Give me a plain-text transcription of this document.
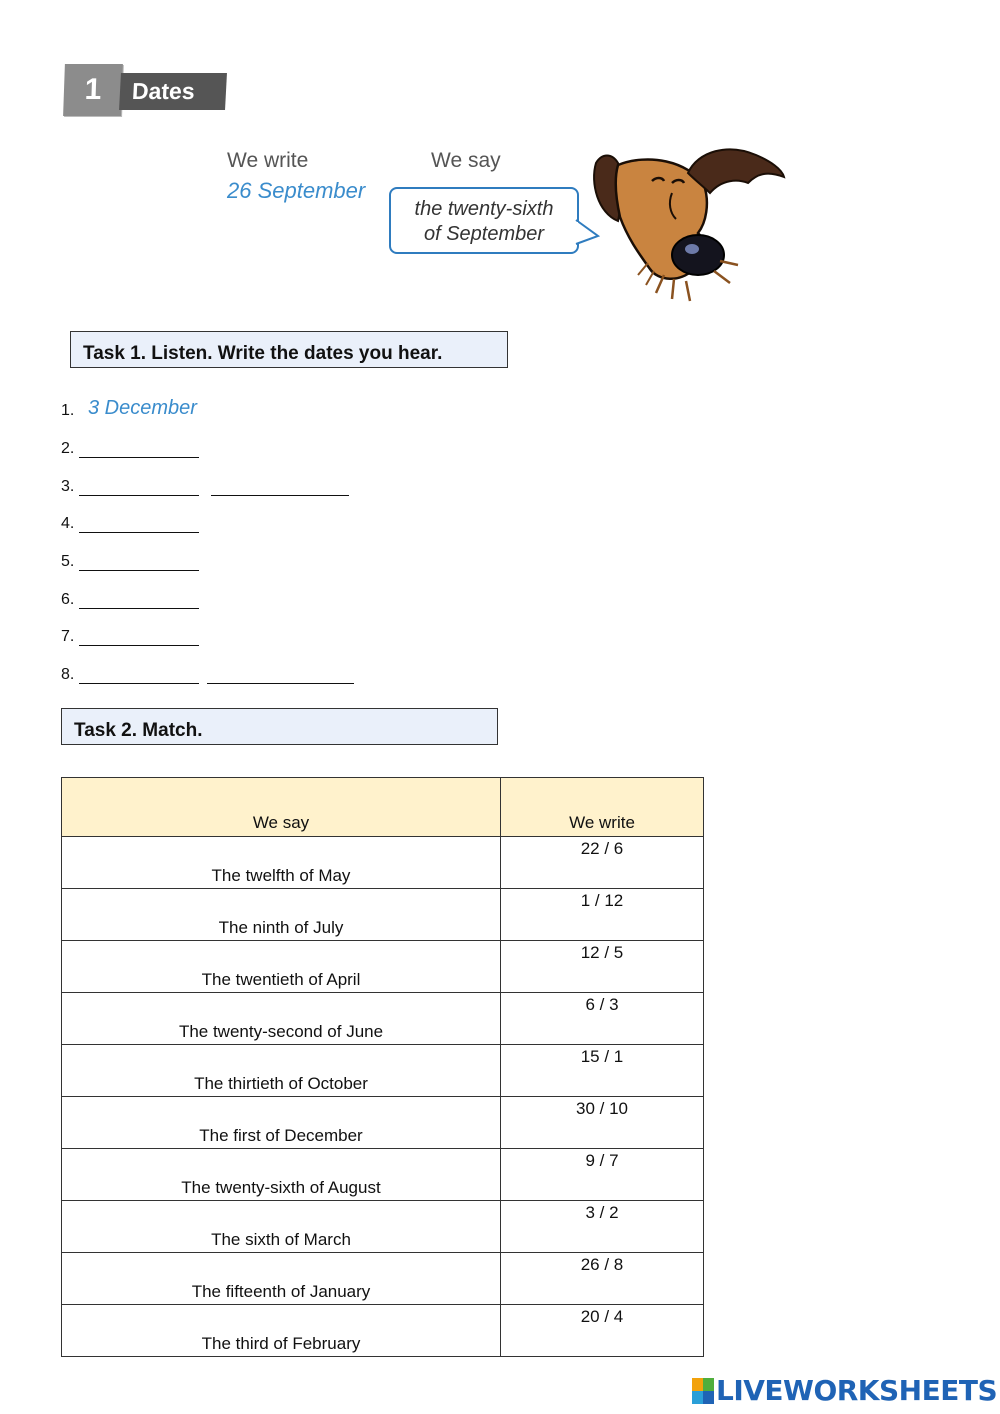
1	Dates
We write	We say
26 September
the twenty-sixth
of September
Task 1. Listen. Write the dates you hear.
1. 3 December
2.
3.
4.
5.
6.
7.
8.
Task 2. Match.
We say	We write
The twelfth of May	22 / 6
The ninth of July	1 / 12
The twentieth of April	12 / 5
The twenty-second of June	6 / 3
The thirtieth of October	15 / 1
The first of December	30 / 10
The twenty-sixth of August	9 / 7
The sixth of March	3 / 2
The fifteenth of January	26 / 8
The third of February	20 / 4
LIVEWORKSHEETS
